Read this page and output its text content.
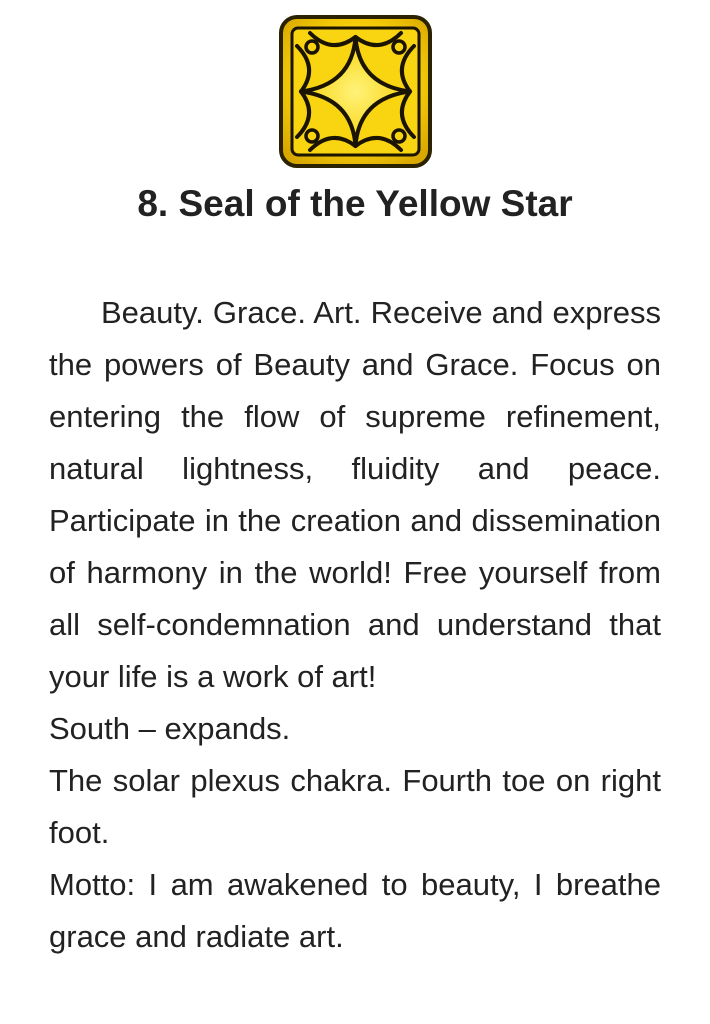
8. Seal of the Yellow Star

Beauty. Grace. Art. Receive and express the powers of Beauty and Grace. Focus on entering the flow of supreme refinement, natural lightness, fluidity and peace. Participate in the creation and dissemination of harmony in the world! Free yourself from all self-condemnation and understand that your life is a work of art!

South – expands.

The solar plexus chakra. Fourth toe on right foot.

Motto: I am awakened to beauty, I breathe grace and radiate art.
